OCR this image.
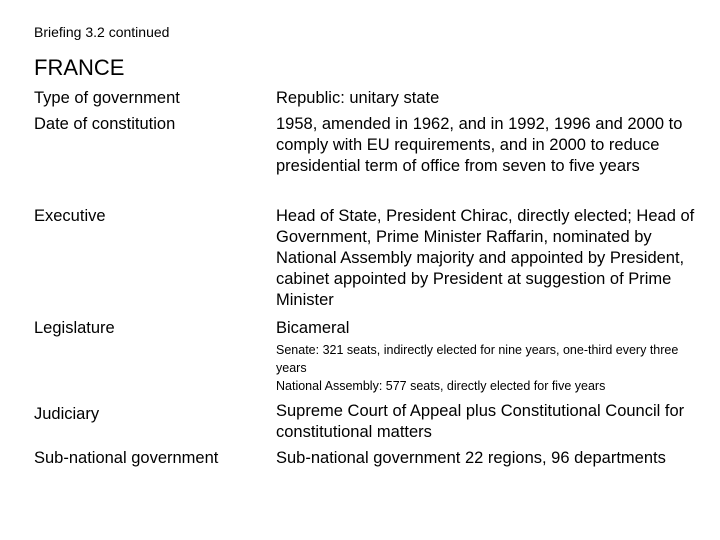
Briefing 3.2 continued
FRANCE
Type of government	Republic: unitary state
Date of constitution	1958, amended in 1962, and in 1992, 1996 and 2000 to comply with EU requirements, and in 2000 to reduce presidential term of office from seven to five years
Executive	Head of State, President Chirac, directly elected; Head of Government, Prime Minister Raffarin, nominated by National Assembly majority and appointed by President, cabinet appointed by President at suggestion of Prime Minister
Legislature	Bicameral
Senate: 321 seats, indirectly elected for nine years, one-third every three years
National Assembly: 577 seats, directly elected for five years
Judiciary	Supreme Court of Appeal plus Constitutional Council for constitutional matters
Sub-national government	Sub-national government 22 regions, 96 departments
